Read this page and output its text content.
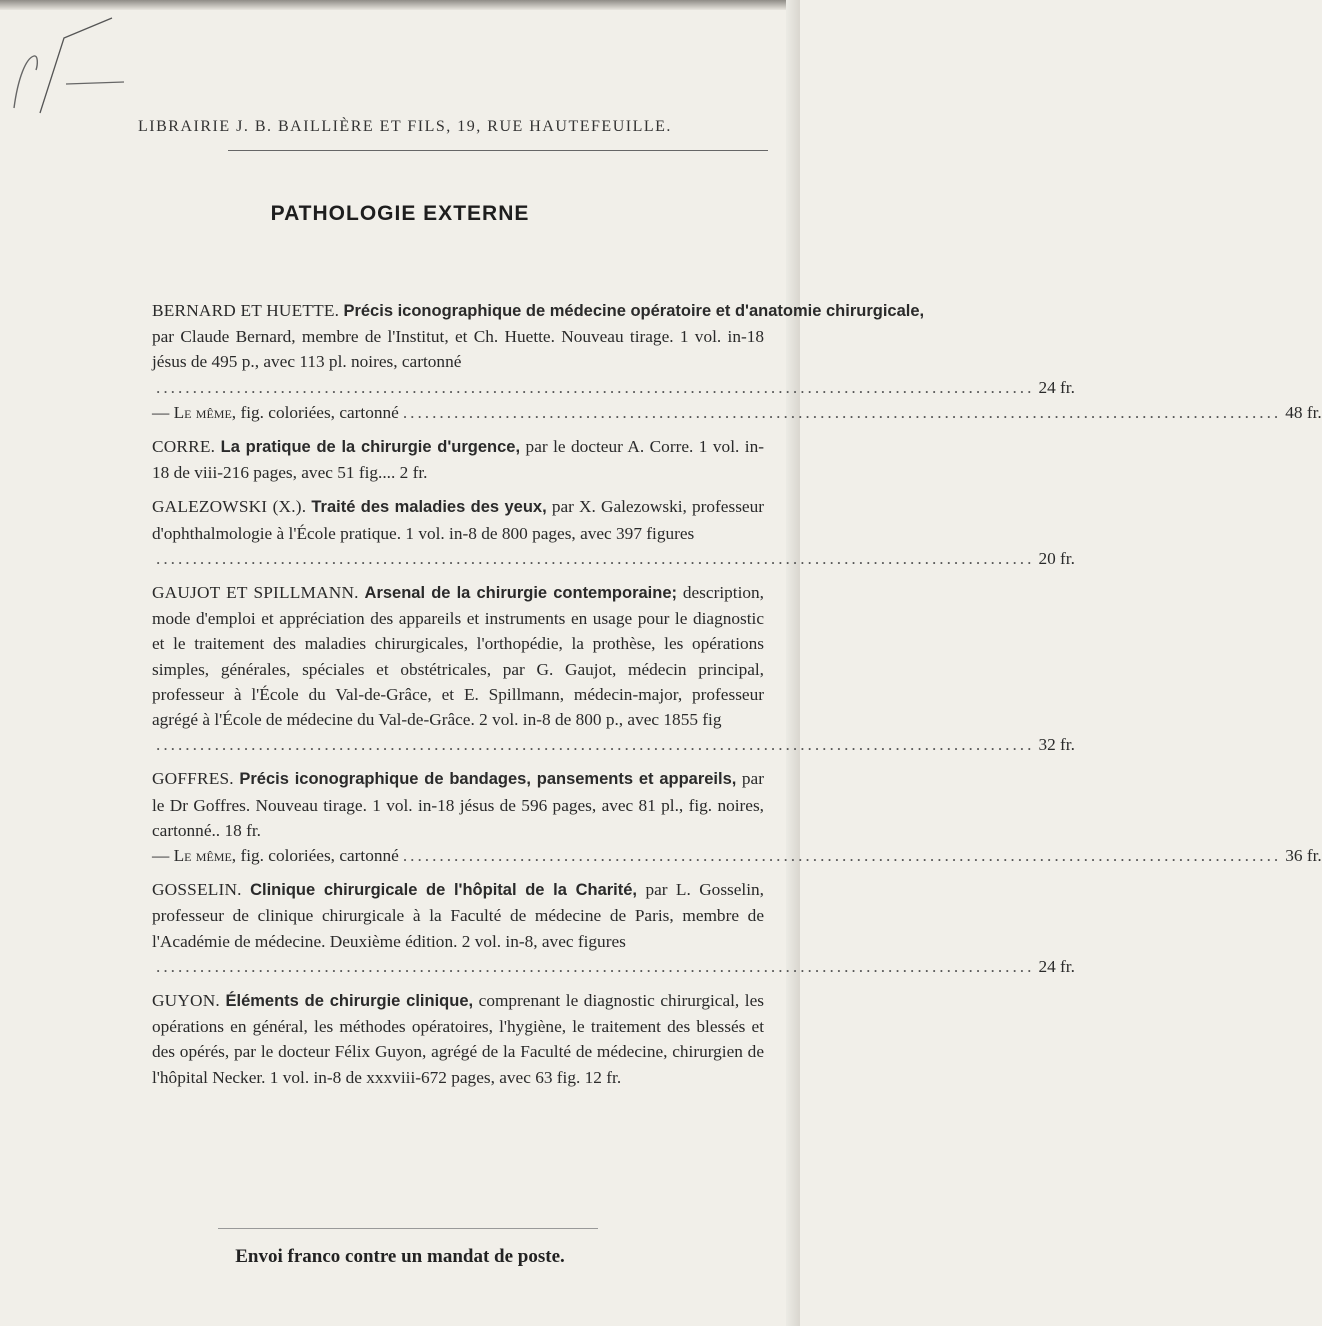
LIBRAIRIE J. B. BAILLIÈRE ET FILS, 19, RUE HAUTEFEUILLE.
PATHOLOGIE EXTERNE
BERNARD ET HUETTE. Précis iconographique de médecine opératoire et d'anatomie chirurgicale,
par Claude Bernard, membre de l'Institut, et Ch. Huette. Nouveau tirage. 1 vol. in-18 jésus de 495 p., avec 113 pl. noires, cartonné
.....
24 fr.
— Le même,
fig. coloriées, cartonné .....	48 fr.
CORRE. La pratique de la chirurgie d'urgence, par le docteur A. Corre. 1 vol. in-18 de viii-216 pages, avec 51 fig.... 2 fr.
GALEZOWSKI (X.). Traité des maladies des yeux, par X. Galezowski, professeur d'ophthalmologie à l'École pratique. 1 vol. in-8 de 800 pages, avec 397 figures
.....
20 fr.
GAUJOT ET SPILLMANN. Arsenal de la chirurgie contemporaine; description, mode d'emploi et appréciation des appareils et instruments en usage pour le diagnostic et le traitement des maladies chirurgicales, l'orthopédie, la prothèse, les opérations simples, générales, spéciales et obstétricales, par G. Gaujot, médecin principal, professeur à l'École du Val-de-Grâce, et E. Spillmann, médecin-major, professeur agrégé à l'École de médecine du Val-de-Grâce. 2 vol. in-8 de 800 p., avec 1855 fig
.....
32 fr.
GOFFRES. Précis iconographique de bandages, pansements et appareils, par le Dr Goffres. Nouveau tirage. 1 vol. in-18 jésus de 596 pages, avec 81 pl., fig. noires, cartonné.. 18 fr.
— Le même,
fig. coloriées, cartonné .....	36 fr.
GOSSELIN. Clinique chirurgicale de l'hôpital de la Charité, par L. Gosselin, professeur de clinique chirurgicale à la Faculté de médecine de Paris, membre de l'Académie de médecine. Deuxième édition. 2 vol. in-8, avec figures
.....
24 fr.
GUYON. Éléments de chirurgie clinique, comprenant le diagnostic chirurgical, les opérations en général, les méthodes opératoires, l'hygiène, le traitement des blessés et des opérés, par le docteur Félix Guyon, agrégé de la Faculté de médecine, chirurgien de l'hôpital Necker. 1 vol. in-8 de xxxviii-672 pages, avec 63 fig. 12 fr.
Envoi franco contre un mandat de poste.
